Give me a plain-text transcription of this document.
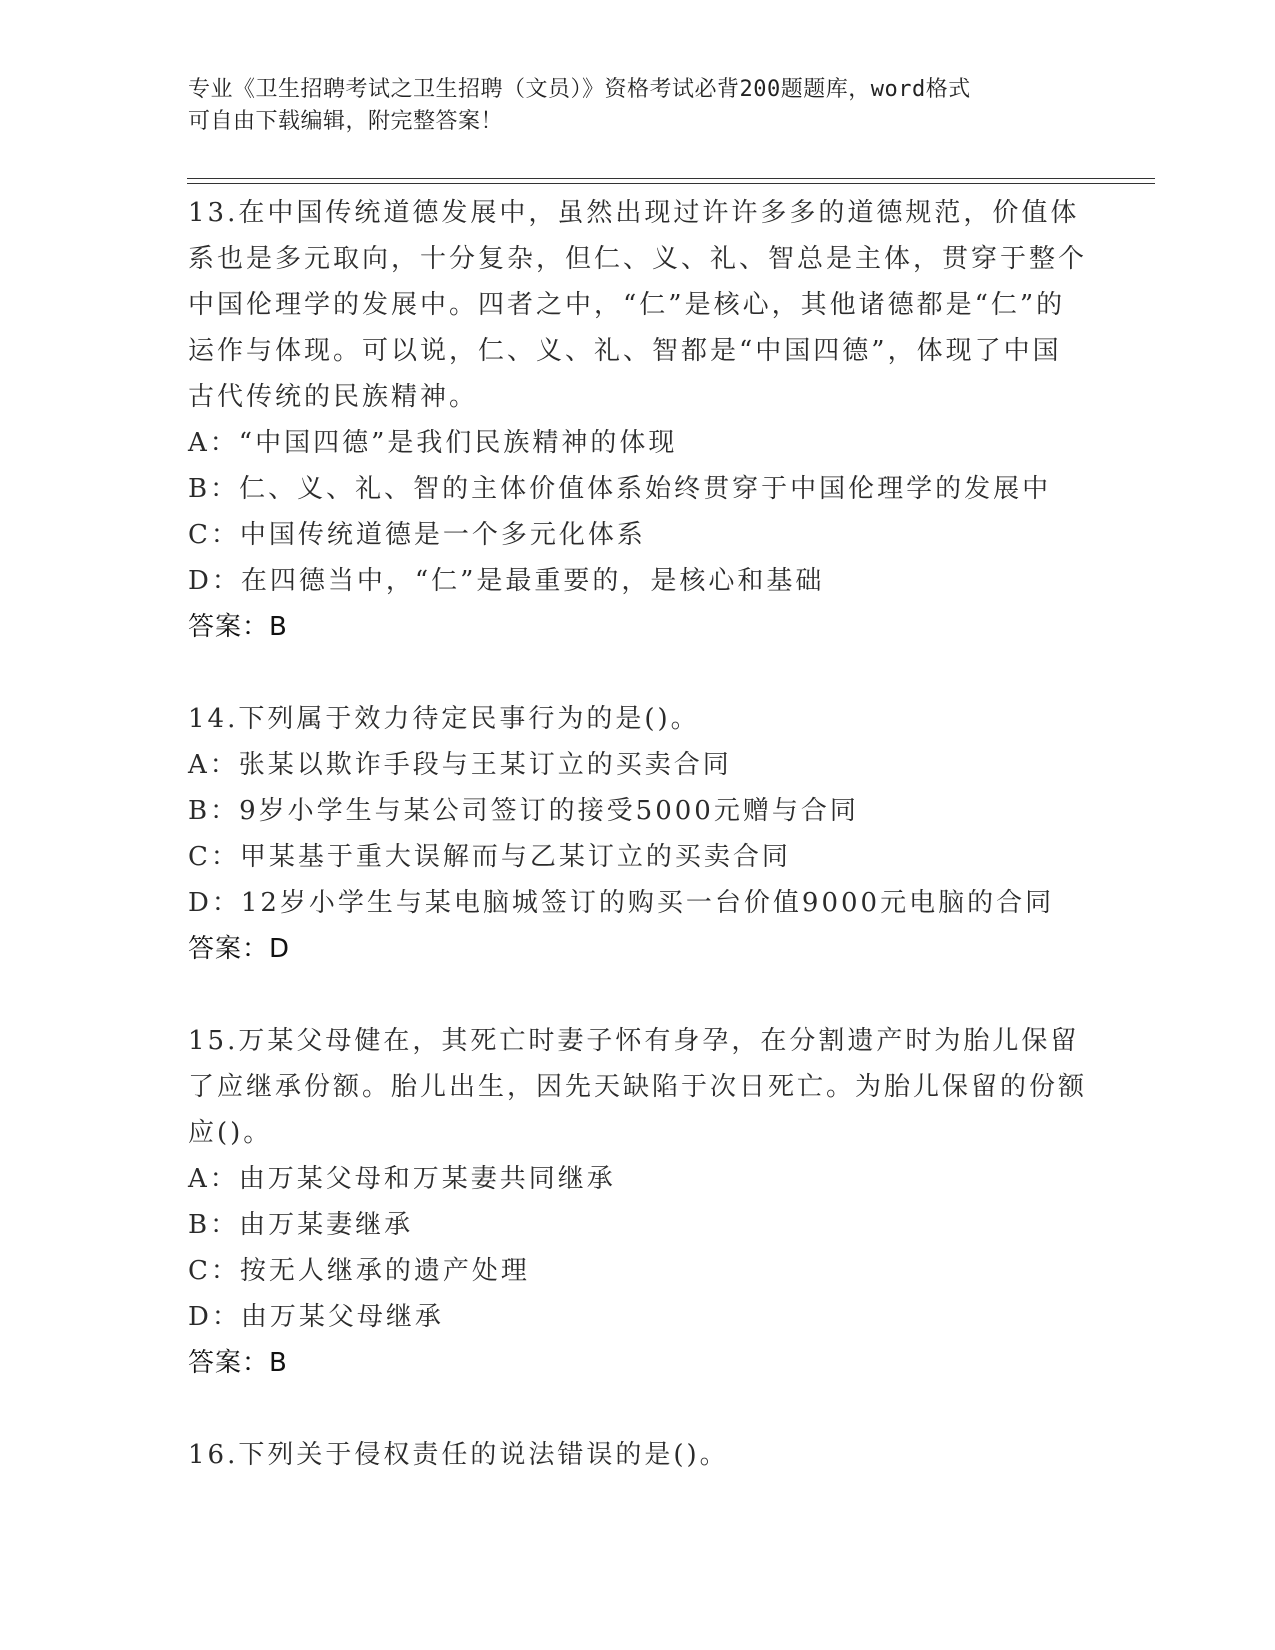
专业《卫生招聘考试之卫生招聘（文员）》资格考试必背200题题库，word格式
可自由下载编辑，附完整答案！

13.在中国传统道德发展中，虽然出现过许许多多的道德规范，价值体系也是多元取向，十分复杂，但仁、义、礼、智总是主体，贯穿于整个中国伦理学的发展中。四者之中，“仁”是核心，其他诸德都是“仁”的运作与体现。可以说，仁、义、礼、智都是“中国四德”，体现了中国古代传统的民族精神。

A：“中国四德”是我们民族精神的体现

B：仁、义、礼、智的主体价值体系始终贯穿于中国伦理学的发展中

C：中国传统道德是一个多元化体系

D：在四德当中，“仁”是最重要的，是核心和基础

答案：B

14.下列属于效力待定民事行为的是()。

A：张某以欺诈手段与王某订立的买卖合同

B：9岁小学生与某公司签订的接受5000元赠与合同

C：甲某基于重大误解而与乙某订立的买卖合同

D：12岁小学生与某电脑城签订的购买一台价值9000元电脑的合同

答案：D

15.万某父母健在，其死亡时妻子怀有身孕，在分割遗产时为胎儿保留了应继承份额。胎儿出生，因先天缺陷于次日死亡。为胎儿保留的份额应()。

A：由万某父母和万某妻共同继承

B：由万某妻继承

C：按无人继承的遗产处理

D：由万某父母继承

答案：B

16.下列关于侵权责任的说法错误的是()。
